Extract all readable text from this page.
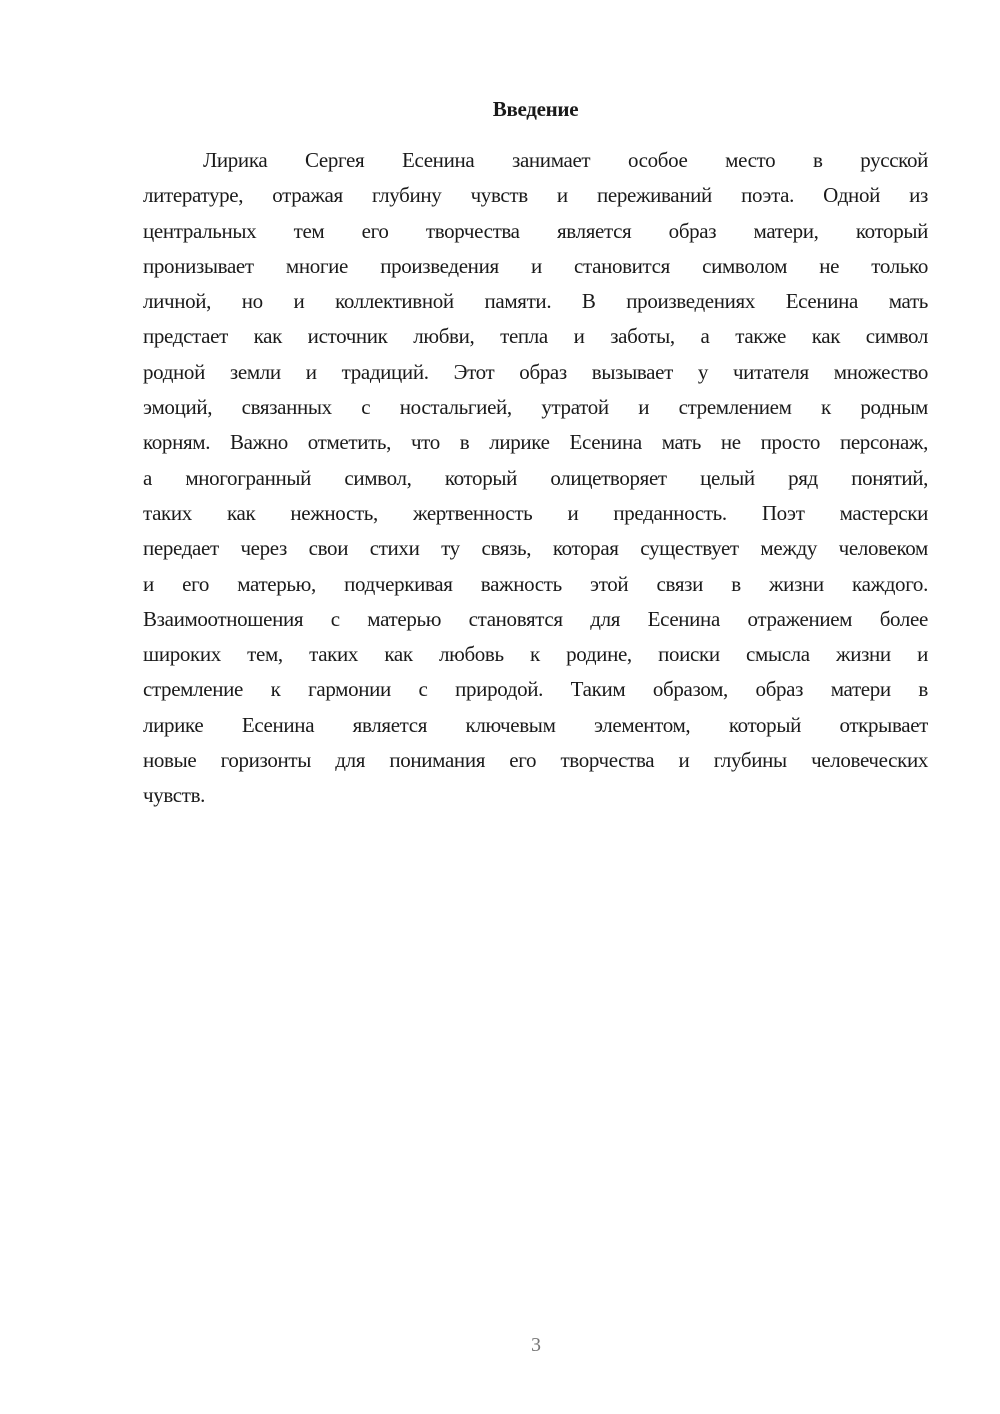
Введение
Лирика Сергея Есенина занимает особое место в русской
литературе, отражая глубину чувств и переживаний поэта. Одной из
центральных тем его творчества является образ матери, который
пронизывает многие произведения и становится символом не только
личной, но и коллективной памяти. В произведениях Есенина мать
предстает как источник любви, тепла и заботы, а также как символ
родной земли и традиций. Этот образ вызывает у читателя множество
эмоций, связанных с ностальгией, утратой и стремлением к родным
корням. Важно отметить, что в лирике Есенина мать не просто персонаж,
а многогранный символ, который олицетворяет целый ряд понятий,
таких как нежность, жертвенность и преданность. Поэт мастерски
передает через свои стихи ту связь, которая существует между человеком
и его матерью, подчеркивая важность этой связи в жизни каждого.
Взаимоотношения с матерью становятся для Есенина отражением более
широких тем, таких как любовь к родине, поиски смысла жизни и
стремление к гармонии с природой. Таким образом, образ матери в
лирике Есенина является ключевым элементом, который открывает
новые горизонты для понимания его творчества и глубины человеческих
чувств.
3
